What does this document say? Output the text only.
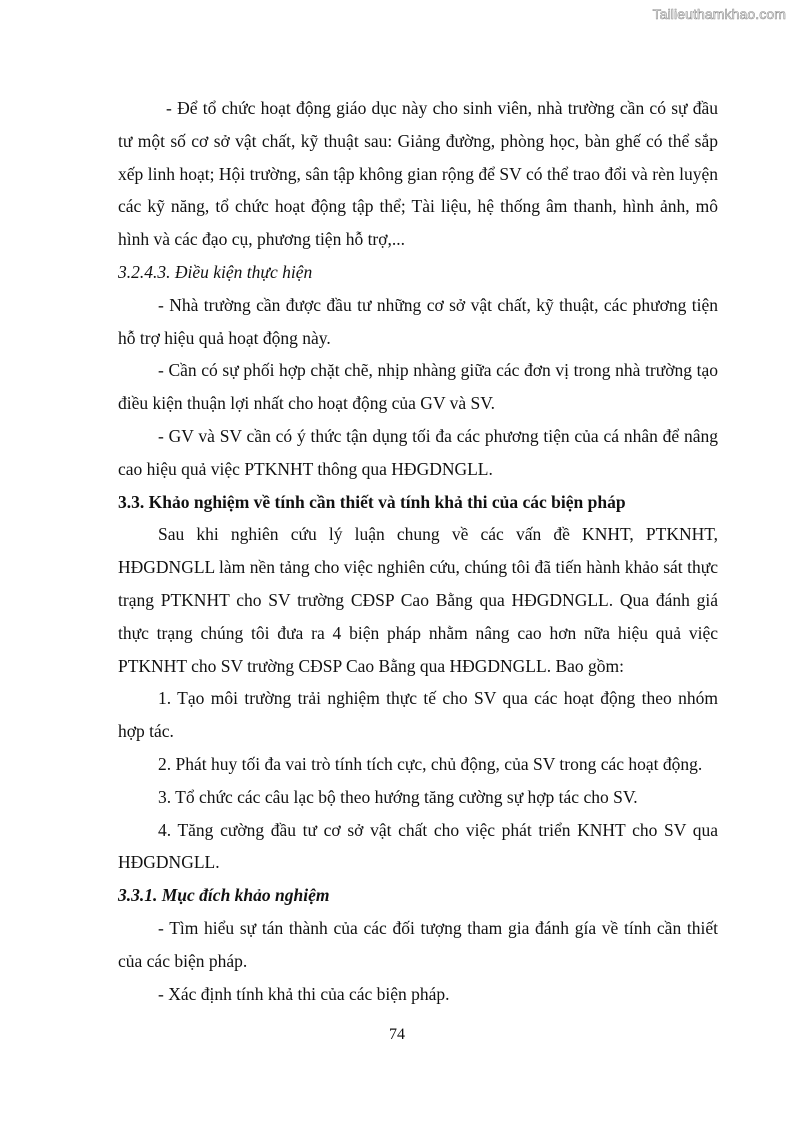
Tailieuthamkhao.com

- Để tổ chức hoạt động giáo dục này cho sinh viên, nhà trường cần có sự đầu tư một số cơ sở vật chất, kỹ thuật sau: Giảng đường, phòng học, bàn ghế có thể sắp xếp linh hoạt; Hội trường, sân tập không gian rộng để SV có thể trao đổi và rèn luyện các kỹ năng, tổ chức hoạt động tập thể; Tài liệu, hệ thống âm thanh, hình ảnh, mô hình và các đạo cụ, phương tiện hỗ trợ,...

3.2.4.3. Điều kiện thực hiện

- Nhà trường cần được đầu tư những cơ sở vật chất, kỹ thuật, các phương tiện hỗ trợ hiệu quả hoạt động này.

- Cần có sự phối hợp chặt chẽ, nhịp nhàng giữa các đơn vị trong nhà trường tạo điều kiện thuận lợi nhất cho hoạt động của GV và SV.

- GV và SV cần có ý thức tận dụng tối đa các phương tiện của cá nhân để nâng cao hiệu quả việc PTKNHT thông qua HĐGDNGLL.

3.3. Khảo nghiệm về tính cần thiết và tính khả thi của các biện pháp

Sau khi nghiên cứu lý luận chung về các vấn đề KNHT, PTKNHT, HĐGDNGLL làm nền tảng cho việc nghiên cứu, chúng tôi đã tiến hành khảo sát thực trạng PTKNHT cho SV trường CĐSP Cao Bằng qua HĐGDNGLL. Qua đánh giá thực trạng chúng tôi đưa ra 4 biện pháp nhằm nâng cao hơn nữa hiệu quả việc PTKNHT cho SV trường CĐSP Cao Bằng qua HĐGDNGLL. Bao gồm:

1. Tạo môi trường trải nghiệm thực tế cho SV qua các hoạt động theo nhóm hợp tác.

2. Phát huy tối đa vai trò tính tích cực, chủ động, của SV trong các hoạt động.

3. Tổ chức các câu lạc bộ theo hướng tăng cường sự hợp tác cho SV.

4. Tăng cường đầu tư cơ sở vật chất cho việc phát triển KNHT cho SV qua HĐGDNGLL.

3.3.1. Mục đích khảo nghiệm

- Tìm hiểu sự tán thành của các đối tượng tham gia đánh gía về tính cần thiết của các biện pháp.

- Xác định tính khả thi của các biện pháp.

74
